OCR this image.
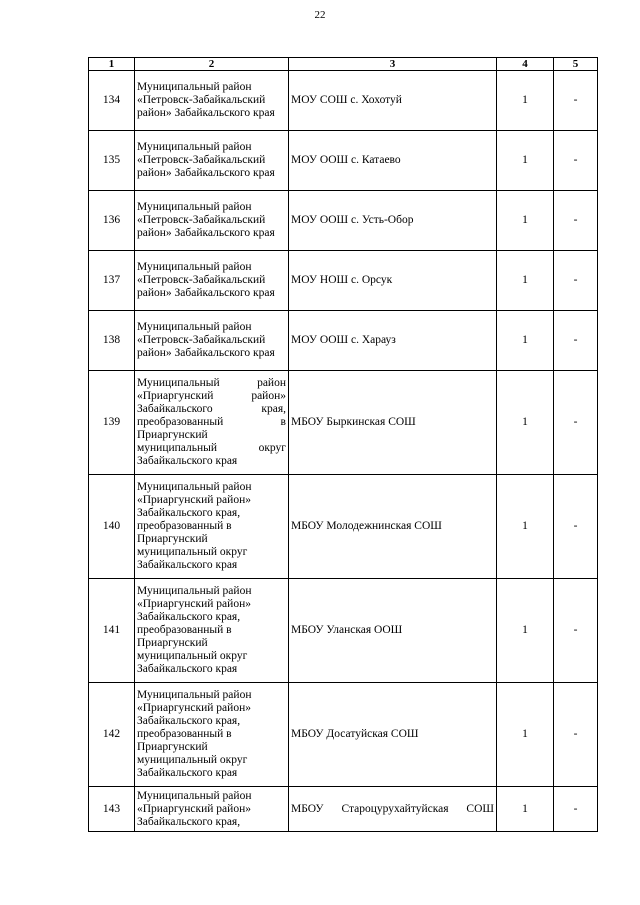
22
1	2	3	4	5
134	Муниципальный район «Петровск-Забайкальский район» Забайкальского края	МОУ СОШ с. Хохотуй	1	-
135	Муниципальный район «Петровск-Забайкальский район» Забайкальского края	МОУ ООШ с. Катаево	1	-
136	Муниципальный район «Петровск-Забайкальский район» Забайкальского края	МОУ ООШ с. Усть-Обор	1	-
137	Муниципальный район «Петровск-Забайкальский район» Забайкальского края	МОУ НОШ с. Орсук	1	-
138	Муниципальный район «Петровск-Забайкальский район» Забайкальского края	МОУ ООШ с. Харауз	1	-
139	Муниципальный район «Приаргунский район» Забайкальского края, преобразованный в Приаргунский муниципальный округ Забайкальского края	МБОУ Быркинская СОШ	1	-
140	Муниципальный район «Приаргунский район» Забайкальского края, преобразованный в Приаргунский муниципальный округ Забайкальского края	МБОУ Молодежнинская СОШ	1	-
141	Муниципальный район «Приаргунский район» Забайкальского края, преобразованный в Приаргунский муниципальный округ Забайкальского края	МБОУ Уланская ООШ	1	-
142	Муниципальный район «Приаргунский район» Забайкальского края, преобразованный в Приаргунский муниципальный округ Забайкальского края	МБОУ Досатуйская СОШ	1	-
143	Муниципальный район «Приаргунский район» Забайкальского края,	МБОУ Староцурухайтуйская СОШ	1	-
